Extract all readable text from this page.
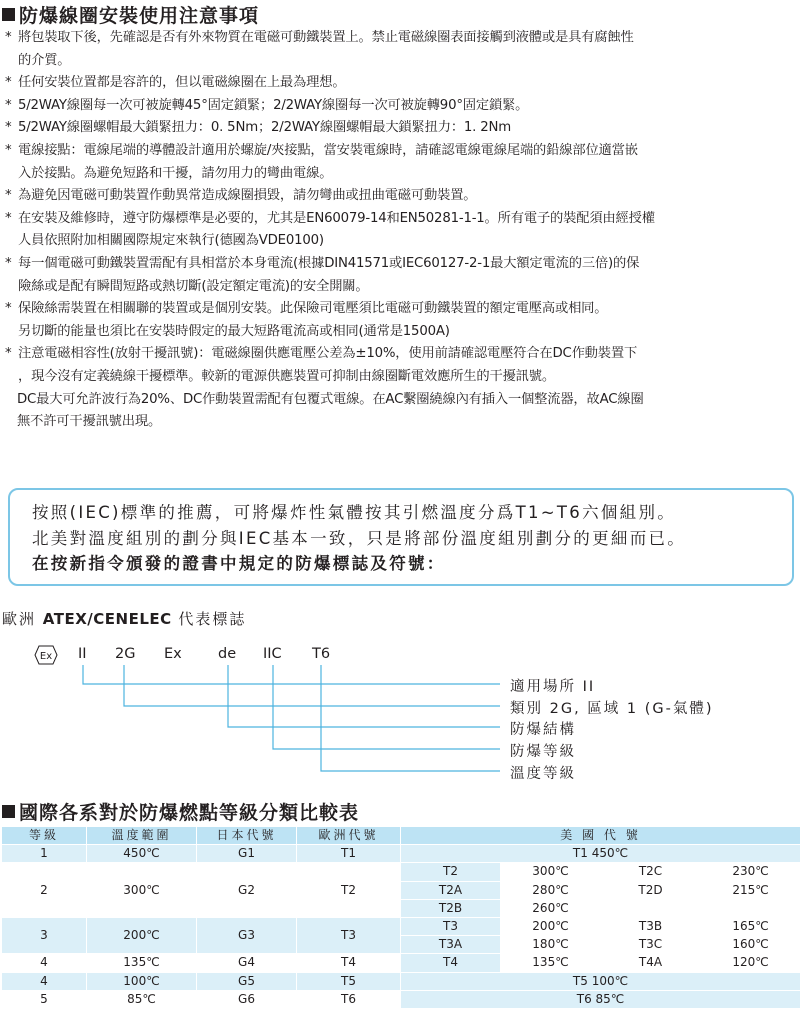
防爆線圈安裝使用注意事項
* 將包裝取下後，先確認是否有外來物質在電磁可動鐵裝置上。禁止電磁線圈表面接觸到液體或是具有腐蝕性
的介質。
* 任何安裝位置都是容許的，但以電磁線圈在上最為理想。
* 5/2WAY線圈每一次可被旋轉45°固定鎖緊；2/2WAY線圈每一次可被旋轉90°固定鎖緊。
* 5/2WAY線圈螺帽最大鎖緊扭力：0. 5Nm；2/2WAY線圈螺帽最大鎖緊扭力：1. 2Nm
* 電線接點：電線尾端的導體設計適用於螺旋/夾接點，當安裝電線時，請確認電線電線尾端的鉛線部位適當嵌
入於接點。為避免短路和干擾，請勿用力的彎曲電線。
* 為避免因電磁可動裝置作動異常造成線圈損毀，請勿彎曲或扭曲電磁可動裝置。
* 在安裝及維修時，遵守防爆標準是必要的，尤其是EN60079-14和EN50281-1-1。所有電子的裝配須由經授權
人員依照附加相關國際規定來執行(德國為VDE0100)
* 每一個電磁可動鐵裝置需配有具相當於本身電流(根據DIN41571或IEC60127-2-1最大額定電流的三倍)的保
險絲或是配有瞬間短路或熱切斷(設定額定電流)的安全開關。
* 保險絲需裝置在相關聯的裝置或是個別安裝。此保險司電壓須比電磁可動鐵裝置的額定電壓高或相同。
另切斷的能量也須比在安裝時假定的最大短路電流高或相同(通常是1500A)
* 注意電磁相容性(放射干擾訊號)：電磁線圈供應電壓公差為±10%，使用前請確認電壓符合在DC作動裝置下
，現今沒有定義繞線干擾標準。較新的電源供應裝置可抑制由線圈斷電效應所生的干擾訊號。
DC最大可允許波行為20%、DC作動裝置需配有包覆式電線。在AC繫圈繞線內有插入一個整流器，故AC線圈
無不許可干擾訊號出現。
按照(IEC)標準的推薦，可將爆炸性氣體按其引燃溫度分爲T1~T6六個組別。
北美對溫度組別的劃分與IEC基本一致，只是將部份溫度組別劃分的更細而已。
在按新指令頒發的證書中規定的防爆標誌及符號：
歐洲 ATEX/CENELEC 代表標誌
Ex II 2G Ex	de IIC T6
適用場所 II
類別 2G, 區域 1 (G-氣體)
防爆結構
防爆等級
溫度等級
國際各系對於防爆燃點等級分類比較表
等級	溫度範圍	日本代號	歐洲代號	美 國 代 號			
1	450℃	G1	T1	T1 450℃			
2	300℃	G2	T2	T2	300℃	T2C	230℃
				T2A	280℃	T2D	215℃
				T2B	260℃		
3	200℃	G3	T3	T3	200℃	T3B	165℃
				T3A	180℃	T3C	160℃
4	135℃	G4	T4	T4	135℃	T4A	120℃
4	100℃	G5	T5	T5 100℃			
5	85℃	G6	T6	T6 85℃			
